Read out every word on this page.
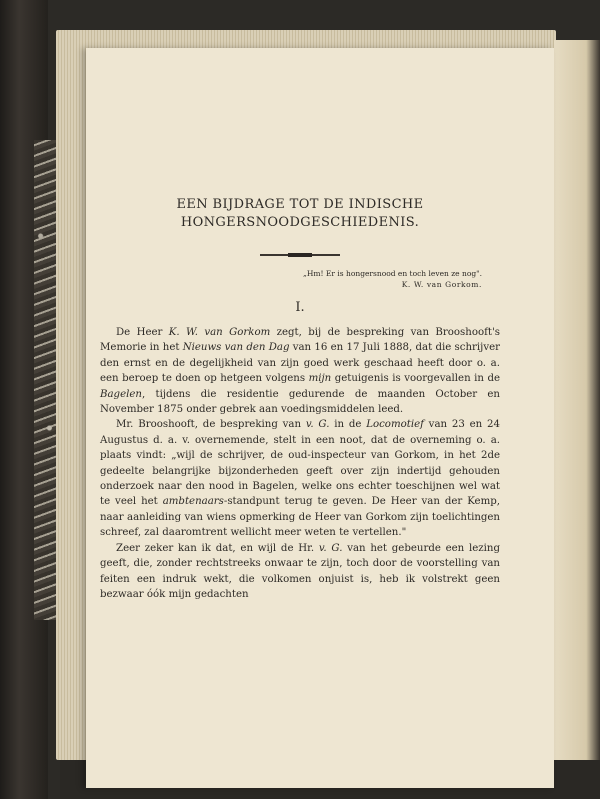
EEN BIJDRAGE TOT DE INDISCHE
HONGERSNOODGESCHIEDENIS.

„Hm! Er is hongersnood en toch leven ze nog".
K. W. van Gorkom.
I.

De Heer K. W. van Gorkom zegt, bij de bespreking van Brooshooft's Memorie in het Nieuws van den Dag van 16 en 17 Juli 1888, dat die schrijver den ernst en de degelijkheid van zijn goed werk geschaad heeft door o. a. een beroep te doen op hetgeen volgens mijn getuigenis is voorgevallen in de Bagelen, tijdens die residentie gedurende de maanden October en November 1875 onder gebrek aan voedingsmiddelen leed.

Mr. Brooshooft, de bespreking van v. G. in de Locomotief van 23 en 24 Augustus d. a. v. overnemende, stelt in een noot, dat de overneming o. a. plaats vindt: „wijl de schrijver, de oud-inspecteur van Gorkom, in het 2de gedeelte belangrijke bijzonderheden geeft over zijn indertijd gehouden onderzoek naar den nood in Bagelen, welke ons echter toeschijnen wel wat te veel het ambtenaars-standpunt terug te geven. De Heer van der Kemp, naar aanleiding van wiens opmerking de Heer van Gorkom zijn toelichtingen schreef, zal daaromtrent wellicht meer weten te vertellen."

Zeer zeker kan ik dat, en wijl de Hr. v. G. van het gebeurde een lezing geeft, die, zonder rechtstreeks onwaar te zijn, toch door de voorstelling van feiten een indruk wekt, die volkomen onjuist is, heb ik volstrekt geen bezwaar óók mijn gedachten
